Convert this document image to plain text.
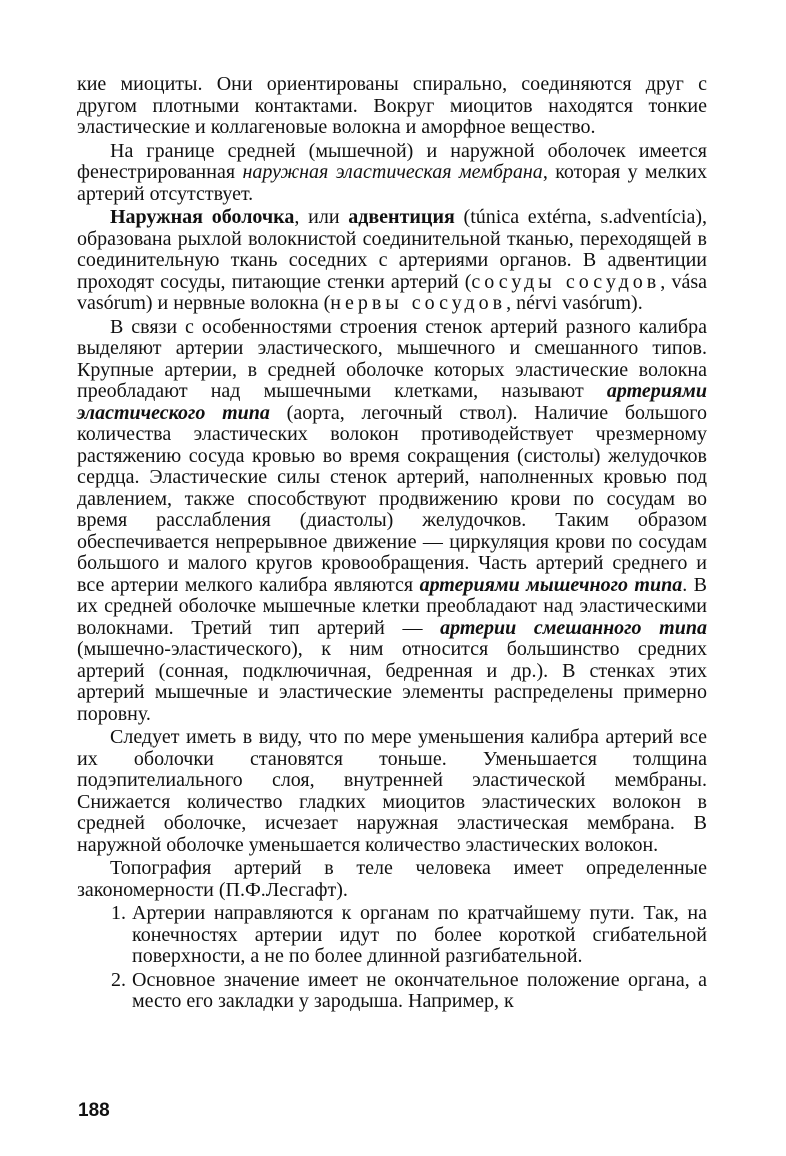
кие миоциты. Они ориентированы спирально, соединяются друг с другом плотными контактами. Вокруг миоцитов находятся тонкие эластические и коллагеновые волокна и аморфное вещество.

На границе средней (мышечной) и наружной оболочек имеется фенестрированная наружная эластическая мембрана, которая у мелких артерий отсутствует.

Наружная оболочка, или адвентиция (túnica extérna, s.adventícia), образована рыхлой волокнистой соединительной тканью, переходящей в соединительную ткань соседних с артериями органов. В адвентиции проходят сосуды, питающие стенки артерий (сосуды сосудов, vása vasórum) и нервные волокна (нервы сосудов, nérvi vasórum).

В связи с особенностями строения стенок артерий разного калибра выделяют артерии эластического, мышечного и смешанного типов. Крупные артерии, в средней оболочке которых эластические волокна преобладают над мышечными клетками, называют артериями эластического типа (аорта, легочный ствол). Наличие большого количества эластических волокон противодействует чрезмерному растяжению сосуда кровью во время сокращения (систолы) желудочков сердца. Эластические силы стенок артерий, наполненных кровью под давлением, также способствуют продвижению крови по сосудам во время расслабления (диастолы) желудочков. Таким образом обеспечивается непрерывное движение — циркуляция крови по сосудам большого и малого кругов кровообращения. Часть артерий среднего и все артерии мелкого калибра являются артериями мышечного типа. В их средней оболочке мышечные клетки преобладают над эластическими волокнами. Третий тип артерий — артерии смешанного типа (мышечно-эластического), к ним относится большинство средних артерий (сонная, подключичная, бедренная и др.). В стенках этих артерий мышечные и эластические элементы распределены примерно поровну.

Следует иметь в виду, что по мере уменьшения калибра артерий все их оболочки становятся тоньше. Уменьшается толщина подэпителиального слоя, внутренней эластической мембраны. Снижается количество гладких миоцитов эластических волокон в средней оболочке, исчезает наружная эластическая мембрана. В наружной оболочке уменьшается количество эластических волокон.

Топография артерий в теле человека имеет определенные закономерности (П.Ф.Лесгафт).

1. Артерии направляются к органам по кратчайшему пути. Так, на конечностях артерии идут по более короткой сгибательной поверхности, а не по более длинной разгибательной.
2. Основное значение имеет не окончательное положение органа, а место его закладки у зародыша. Например, к
188
